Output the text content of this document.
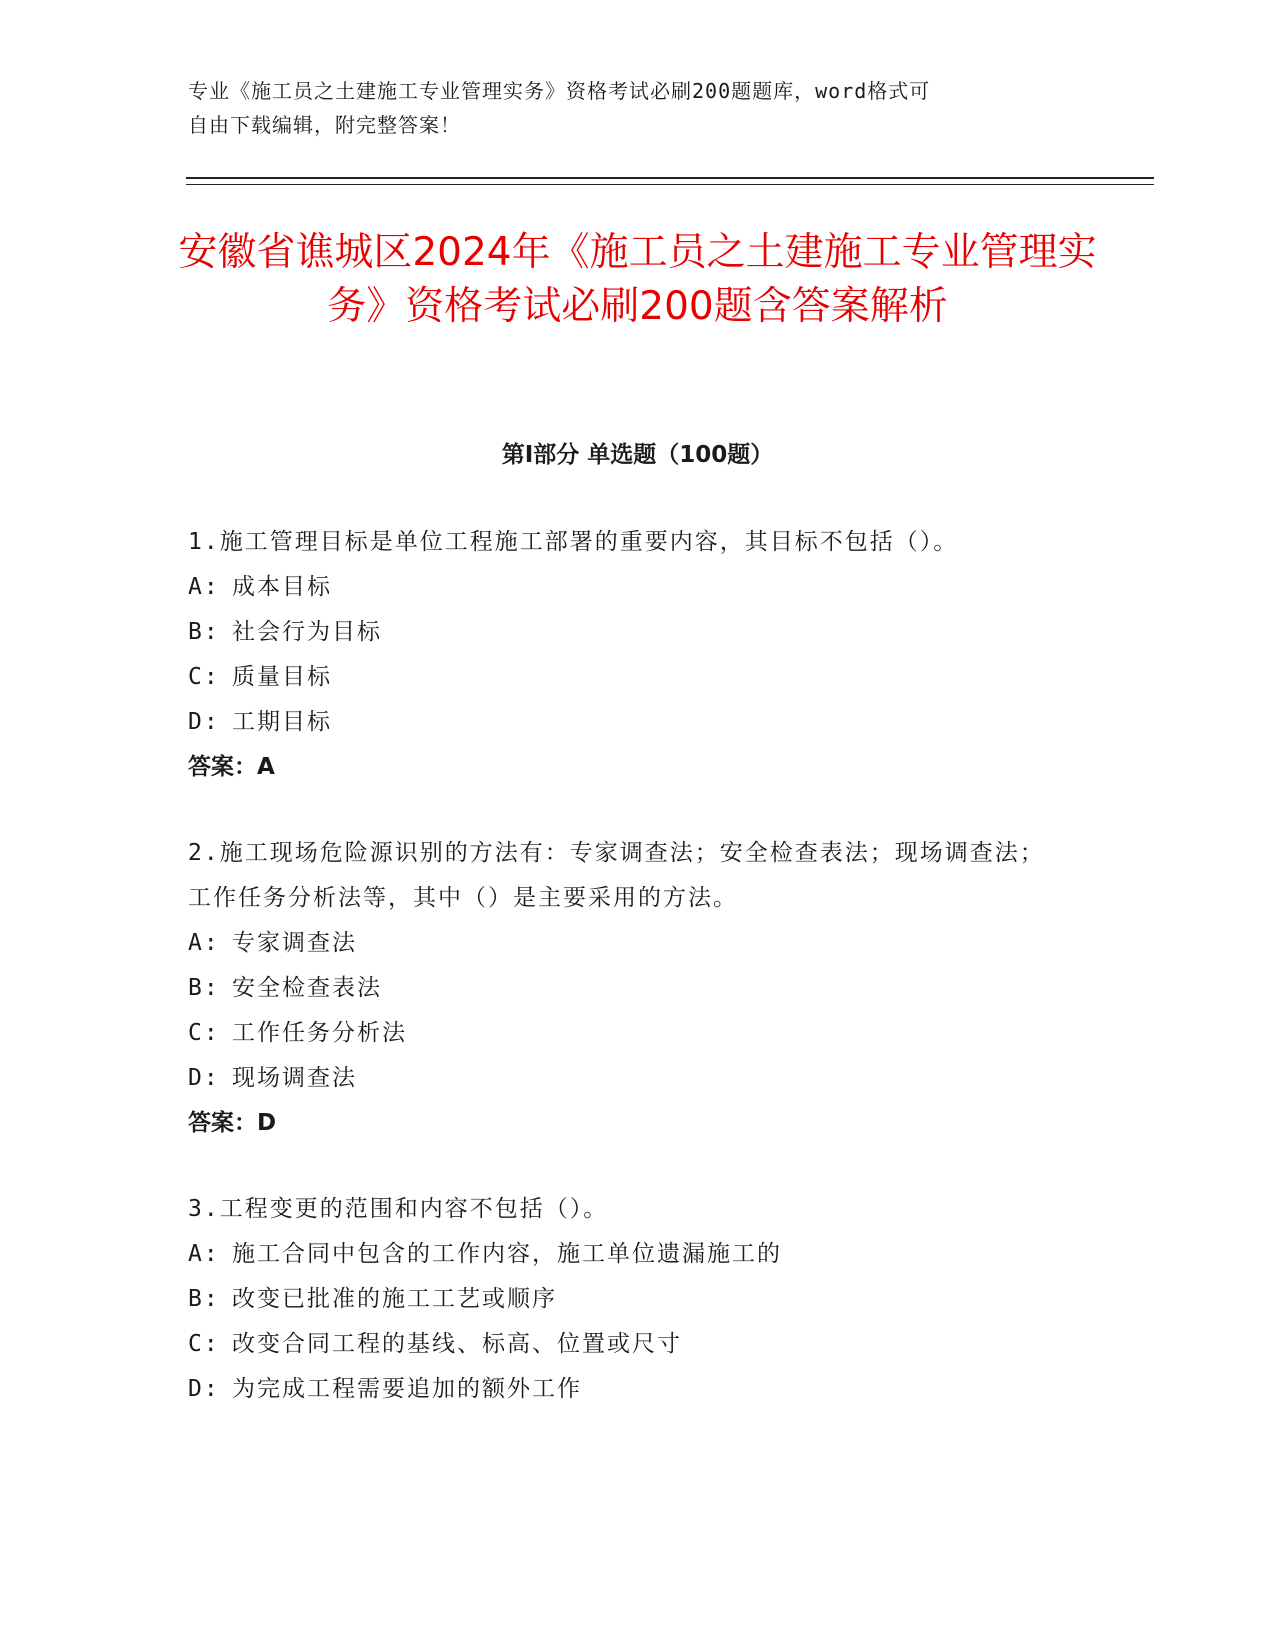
专业《施工员之土建施工专业管理实务》资格考试必刷200题题库，word格式可
自由下载编辑，附完整答案！
安徽省谯城区2024年《施工员之土建施工专业管理实务》资格考试必刷200题含答案解析
第I部分 单选题（100题）
1.施工管理目标是单位工程施工部署的重要内容，其目标不包括（）。
A: 成本目标
B: 社会行为目标
C: 质量目标
D: 工期目标
答案：A
2.施工现场危险源识别的方法有：专家调查法；安全检查表法；现场调查法；工作任务分析法等，其中（）是主要采用的方法。
A: 专家调查法
B: 安全检查表法
C: 工作任务分析法
D: 现场调查法
答案：D
3.工程变更的范围和内容不包括（）。
A: 施工合同中包含的工作内容，施工单位遗漏施工的
B: 改变已批准的施工工艺或顺序
C: 改变合同工程的基线、标高、位置或尺寸
D: 为完成工程需要追加的额外工作
